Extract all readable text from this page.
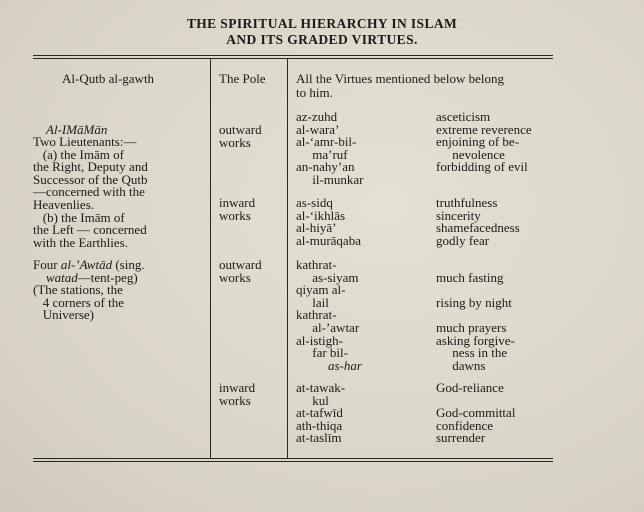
THE SPIRITUAL HIERARCHY IN ISLAM
AND ITS GRADED VIRTUES.
Al-Qutb al-gawth	The Pole All the Virtues mentioned below belong
to him.
Al-IMāMān
Two Lieutenants:—
(a) the Imām of
the Right, Deputy and
Successor of the Qutb
—concerned with the
Heavenlies.
(b) the Imām of
the Left — concerned
with the Earthlies.
outward
works
az-zuhd
al-wara’
al-‘amr-bil-
ma’ruf
an-nahy’an
il-munkar
asceticism
extreme reverence
enjoining of be-
nevolence
forbidding of evil
inward
works
as-sidq
al-‘ikhlās
al-hiyā’
al-murāqaba
truthfulness
sincerity
shamefacedness
godly fear
Four al-’Awtād (sing.
watad—tent-peg)
(The stations, the
4 corners of the
Universe)
outward
works
kathrat-
as-siyam
qiyam al-
lail
kathrat-
al-’awtar
al-istigh-
far bil-
as-har

much fasting

rising by night

much prayers
asking forgive-
ness in the
dawns
inward
works
at-tawak-
kul
at-tafwīd
ath-thiqa
at-taslīm
God-reliance

God-committal
confidence
surrender
